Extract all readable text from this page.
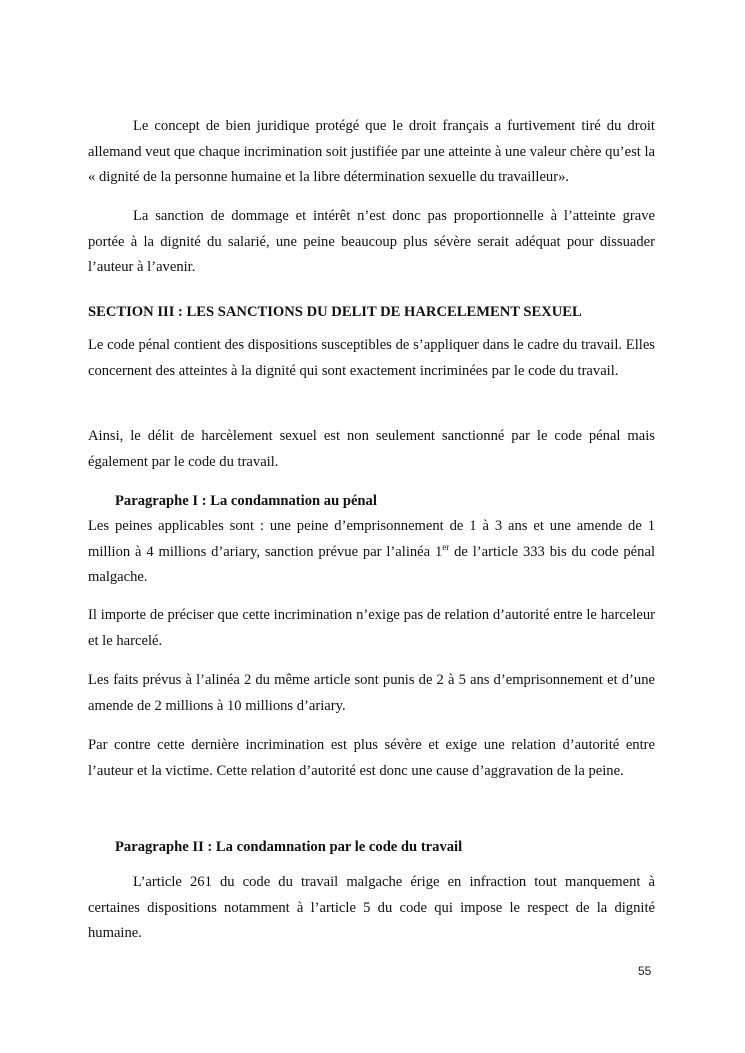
Le concept de bien juridique protégé que le droit français a furtivement tiré du droit allemand veut que chaque incrimination soit justifiée par une atteinte à une valeur chère qu’est la « dignité de la personne humaine et la libre détermination sexuelle du travailleur».

La sanction de dommage et intérêt n’est donc pas proportionnelle à l’atteinte grave portée à la dignité du salarié, une peine beaucoup plus sévère serait adéquat pour dissuader l’auteur à l’avenir.

SECTION III : LES SANCTIONS DU DELIT DE HARCELEMENT SEXUEL

Le code pénal contient des dispositions susceptibles de s’appliquer dans le cadre du travail. Elles concernent des atteintes à la dignité qui sont exactement incriminées par le code du travail.

Ainsi, le délit de harcèlement sexuel est non seulement sanctionné par le code pénal mais également par le code du travail.

Paragraphe I : La condamnation au pénal

Les peines applicables sont : une peine d’emprisonnement de 1 à 3 ans et une amende de 1 million à 4 millions d’ariary, sanction prévue par l’alinéa 1er de l’article 333 bis du code pénal malgache.

Il importe de préciser que cette incrimination n’exige pas de relation d’autorité entre le harceleur et le harcelé.

Les faits prévus à l’alinéa 2 du même article sont punis de 2 à 5 ans d’emprisonnement et d’une amende de 2 millions à 10 millions d’ariary.

Par contre cette dernière incrimination est plus sévère et exige une relation d’autorité entre l’auteur et la victime. Cette relation d’autorité est donc une cause d’aggravation de la peine.

Paragraphe II : La condamnation par le code du travail

L’article 261 du code du travail malgache érige en infraction tout manquement à certaines dispositions notamment à l’article 5 du code qui impose le respect de la dignité humaine.

55
